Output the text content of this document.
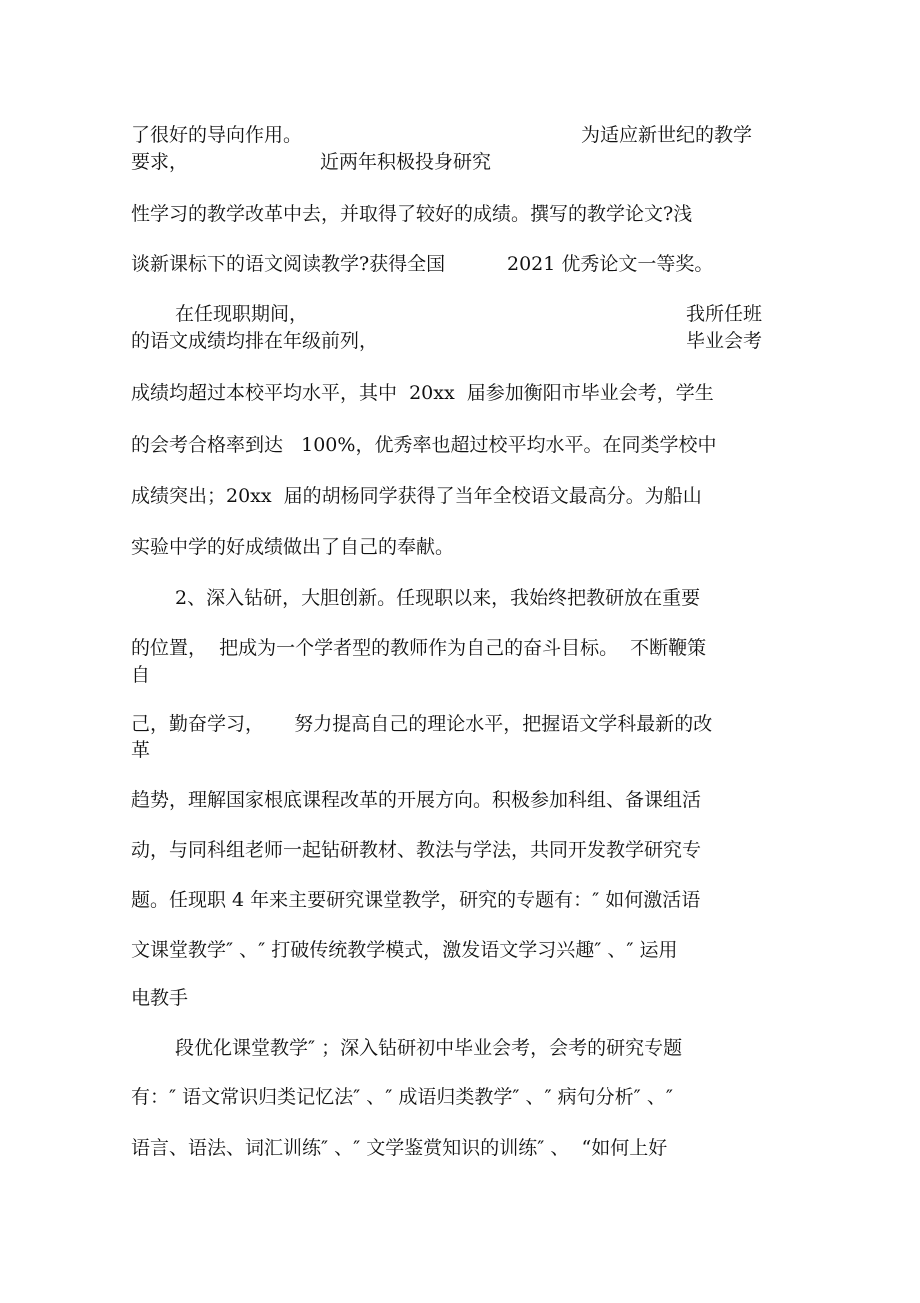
了很好的导向作用。	为适应新世纪的教学
要求，	近两年积极投身研究
性学习的教学改革中去，并取得了较好的成绩。撰写的教学论文?浅
谈新课标下的语文阅读教学?获得全国	2021 优秀论文一等奖。
在任现职期间，	我所任班
的语文成绩均排在年级前列，	毕业会考
成绩均超过本校平均水平，其中  20xx  届参加衡阳市毕业会考，学生
的会考合格率到达   100%，优秀率也超过校平均水平。在同类学校中
成绩突出；20xx  届的胡杨同学获得了当年全校语文最高分。为船山
实验中学的好成绩做出了自己的奉献。
2、深入钻研，大胆创新。任现职以来，我始终把教研放在重要
的位置，  把成为一个学者型的教师作为自己的奋斗目标。  不断鞭策
自
己，勤奋学习，     努力提高自己的理论水平，把握语文学科最新的改
革
趋势，理解国家根底课程改革的开展方向。积极参加科组、备课组活
动，与同科组老师一起钻研教材、教法与学法，共同开发教学研究专
题。任现职 4 年来主要研究课堂教学，研究的专题有：″ 如何激活语
文课堂教学″ 、″ 打破传统教学模式，激发语文学习兴趣″ 、″ 运用
电教手
段优化课堂教学″ ；深入钻研初中毕业会考，会考的研究专题
有：″ 语文常识归类记忆法″ 、″ 成语归类教学″ 、″ 病句分析″ 、″
语言、语法、词汇训练″ 、″ 文学鉴赏知识的训练″ 、  “如何上好
